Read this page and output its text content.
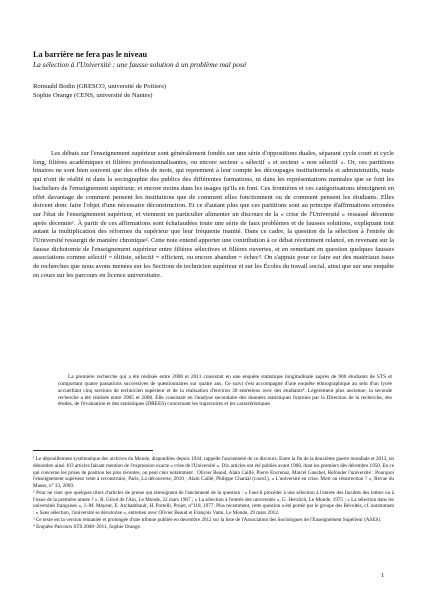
La barrière ne fera pas le niveau
La sélection à l'Université : une fausse solution à un problème mal posé
Romuald Bodin (GRESCO, université de Poitiers)
Sophie Orange (CENS, université de Nantes)

Les débats sur l'enseignement supérieur sont généralement fondés sur une série d'oppositions duales, séparant cycle court et cycle long, filières académiques et filières professionnalisantes, ou encore secteur « sélectif » et secteur « non sélectif ». Or, ces partitions binaires ne sont bien souvent que des effets de mots, qui reprennent à leur compte les découpages institutionnels et administratifs, mais qui n'ont de réalité ni dans la sociographie des publics des différentes formations, ni dans les représentations mentales que se font les bacheliers de l'enseignement supérieur, et encore moins dans les usages qu'ils en font. Ces frontières et ces catégorisations témoignent en effet davantage de comment pensent les institutions que de comment elles fonctionnent ou de comment pensent les étudiants. Elles doivent donc faire l'objet d'une nécessaire déconstruction. Et ce d'autant plus que ces partitions sont au principe d'affirmations erronées sur l'état de l'enseignement supérieur, et viennent en particulier alimenter un discours de la « crise de l'Université » ressassé décennie après décennie¹. À partir de ces affirmations sont échafaudées toute une série de faux problèmes et de fausses solutions, expliquant tout autant la multiplication des réformes du supérieur que leur fréquente inanité. Dans ce cadre, la question de la sélection à l'entrée de l'Université ressurgit de manière chronique². Cette note entend apporter une contribution à ce débat récemment relancé, en revenant sur la fausse dichotomie de l'enseignement supérieur entre filières sélectives et filières ouvertes, et en remettant en question quelques fausses associations comme sélectif = élitiste, sélectif = efficient, ou encore abandon = échec³. On s'appuie pour ce faire sur des matériaux issus de recherches que nous avons menées sur les Sections de technicien supérieur et sur les Écoles du travail social, ainsi que sur une enquête en cours sur les parcours en licence universitaire.

La première recherche qui a été réalisée entre 2008 et 2011 consistait en une enquête statistique longitudinale auprès de 900 étudiants de STS et comportant quatre passations successives de questionnaires sur quatre ans. Ce suivi s'est accompagné d'une enquête ethnographique au sein d'un lycée accueillant cinq sections de technicien supérieur et de la réalisation d'environ 30 entretiens avec des étudiants⁴. Légèrement plus ancienne, la seconde recherche a été réalisée entre 2005 et 2008. Elle consistait en l'analyse secondaire des données statistiques fournies par la Direction de la recherche, des études, de l'évaluation et des statistiques (DREES) concernant les trajectoires et les caractéristiques

¹ Le dépouillement systématique des archives du Monde, disponibles depuis 1944, rappelle l'ancienneté de ce discours. Entre la fin de la deuxième guerre mondiale et 2013, on dénombre ainsi 103 articles faisant mention de l'expression exacte « crise de l'Université ». Dix articles ont été publiés avant 1968, dont les premiers dès décembre 1950. En ce qui concerne les prises de position les plus récentes, on peut citer notamment : Olivier Beaud, Alain Caillé, Pierre Encrenaz, Marcel Gauchet, Refonder l'université : Pourquoi l'enseignement supérieur reste à reconstruire, Paris, La découverte, 2010 ; Alain Caillé, Philippe Chanial (coord.), « L'université en crise. Mort ou résurrection ? », Revue du Mauss, n° 33, 2009.

² Pour ne citer que quelques titres d'articles de presse qui témoignent de l'ancienneté de la question : « Faut-il procéder à une sélection à l'entrée des facultés des lettres ou à l'issue de la première année ? », B. Girod de l'Ain, Le Monde, 22 mars 1967 ; « La sélection à l'entrée des universités », G. Herzlich, Le Monde, 1975 ; « La sélection dans les universités françaises », J.-M. Mayeur, E. Archambault, H. Portelli, Projet, n°118, 1977. Plus récemment, cette question a été portée par le groupe des Révoltés, cf. notamment : « Sans sélection, l'université se dévalorise », entretien avec Olivier Beaud et François Vatin, Le Monde, 29 mars 2012.

³ Ce texte est la version remaniée et prolongée d'une tribune publiée en décembre 2012 sur la liste de l'Association des Sociologues de l'Enseignement Supérieur (ASES).

⁴ Enquête Parcours STS 2008–2011, Sophie Orange.

1
